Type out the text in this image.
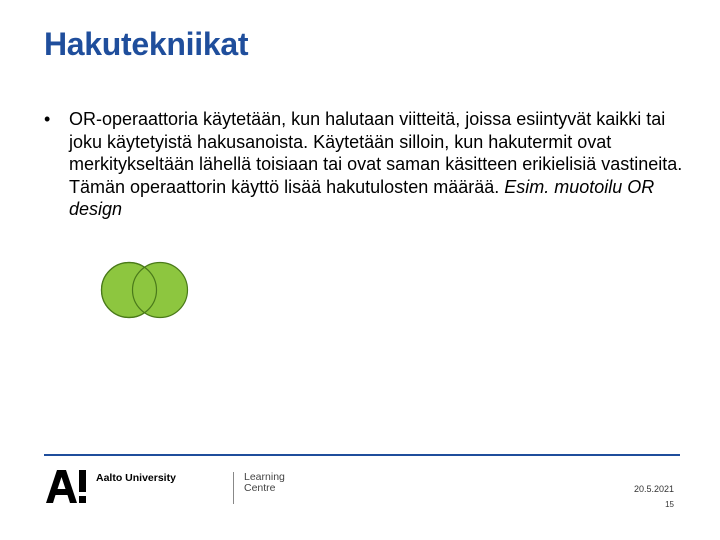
Hakutekniikat
•	OR-operaattoria käytetään, kun halutaan viitteitä, joissa esiintyvät kaikki tai joku käytetyistä hakusanoista. Käytetään silloin, kun hakutermit ovat merkitykseltään lähellä toisiaan tai ovat saman käsitteen erikielisiä vastineita. Tämän operaattorin käyttö lisää hakutulosten määrää. Esim. muotoilu OR design
Aalto University	Learning Centre	20.5.2021
15
